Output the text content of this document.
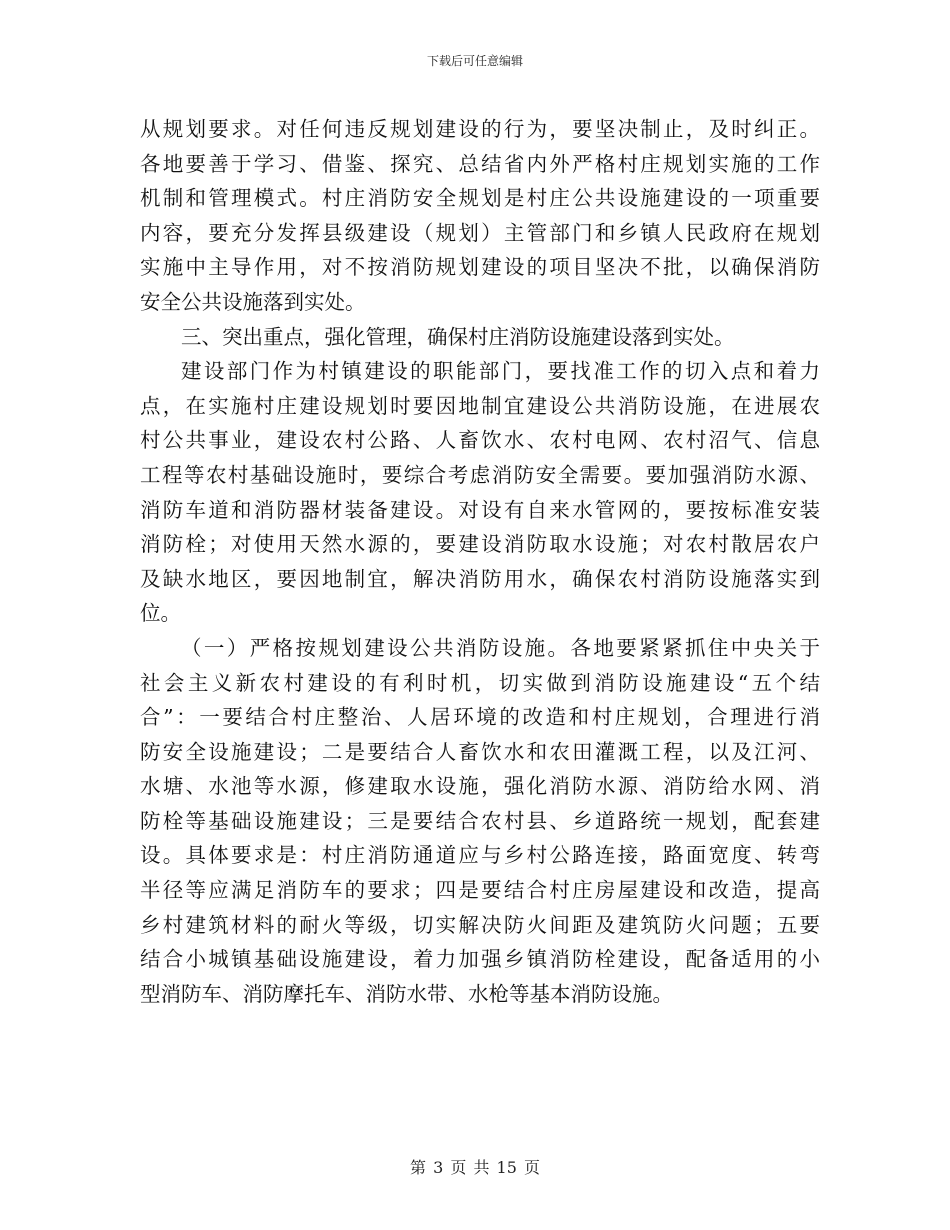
下载后可任意编辑
从规划要求。对任何违反规划建设的行为，要坚决制止，及时纠正。
各地要善于学习、借鉴、探究、总结省内外严格村庄规划实施的工作
机制和管理模式。村庄消防安全规划是村庄公共设施建设的一项重要
内容，要充分发挥县级建设（规划）主管部门和乡镇人民政府在规划
实施中主导作用，对不按消防规划建设的项目坚决不批，以确保消防
安全公共设施落到实处。
三、突出重点，强化管理，确保村庄消防设施建设落到实处。
建设部门作为村镇建设的职能部门，要找准工作的切入点和着力
点，在实施村庄建设规划时要因地制宜建设公共消防设施，在进展农
村公共事业，建设农村公路、人畜饮水、农村电网、农村沼气、信息
工程等农村基础设施时，要综合考虑消防安全需要。要加强消防水源、
消防车道和消防器材装备建设。对设有自来水管网的，要按标准安装
消防栓；对使用天然水源的，要建设消防取水设施；对农村散居农户
及缺水地区，要因地制宜，解决消防用水，确保农村消防设施落实到
位。
（一）严格按规划建设公共消防设施。各地要紧紧抓住中央关于
社会主义新农村建设的有利时机，切实做到消防设施建设“五个结
合”：一要结合村庄整治、人居环境的改造和村庄规划，合理进行消
防安全设施建设；二是要结合人畜饮水和农田灌溉工程，以及江河、
水塘、水池等水源，修建取水设施，强化消防水源、消防给水网、消
防栓等基础设施建设；三是要结合农村县、乡道路统一规划，配套建
设。具体要求是：村庄消防通道应与乡村公路连接，路面宽度、转弯
半径等应满足消防车的要求；四是要结合村庄房屋建设和改造，提高
乡村建筑材料的耐火等级，切实解决防火间距及建筑防火问题；五要
结合小城镇基础设施建设，着力加强乡镇消防栓建设，配备适用的小
型消防车、消防摩托车、消防水带、水枪等基本消防设施。
第 3 页 共 15 页
